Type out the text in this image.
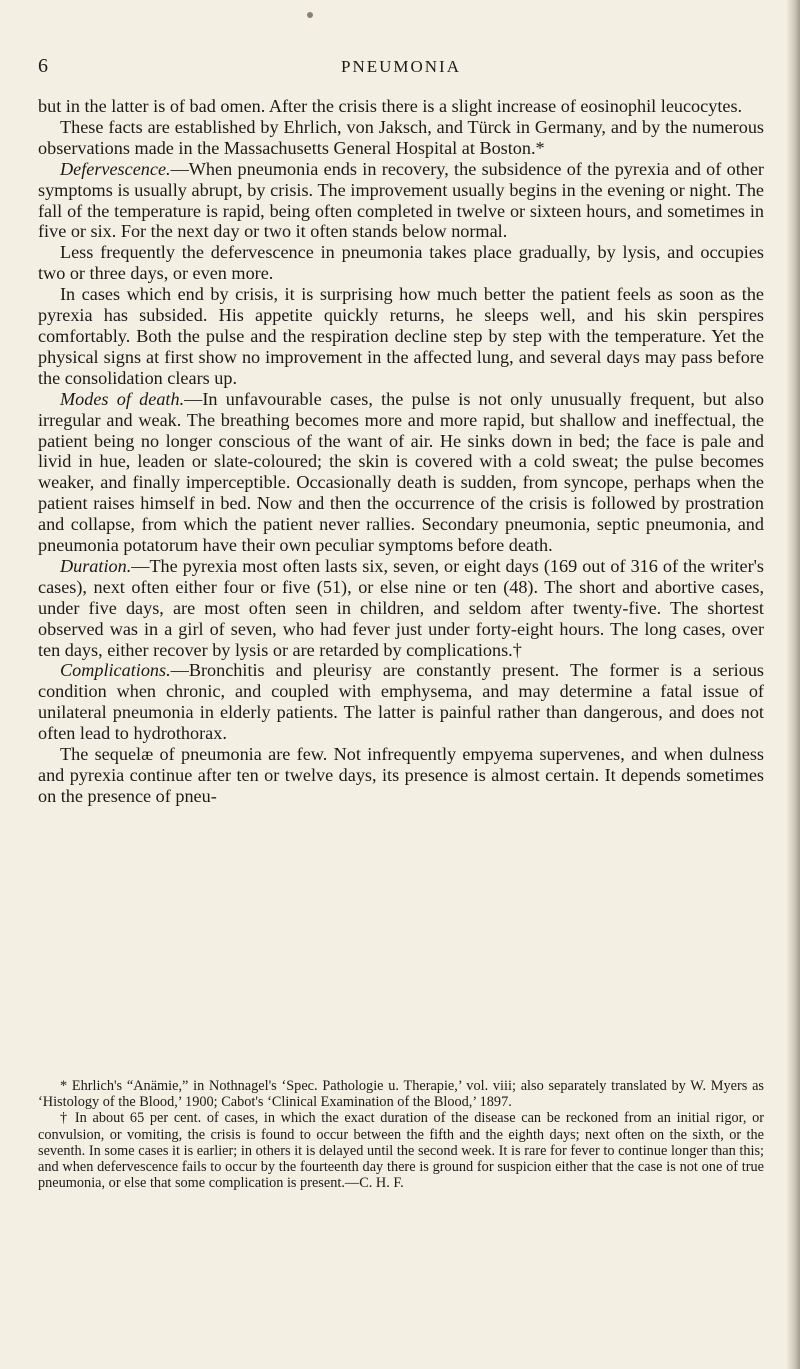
6	PNEUMONIA

but in the latter is of bad omen. After the crisis there is a slight increase of eosinophil leucocytes.

These facts are established by Ehrlich, von Jaksch, and Türck in Germany, and by the numerous observations made in the Massachusetts General Hospital at Boston.*

Defervescence.—When pneumonia ends in recovery, the subsidence of the pyrexia and of other symptoms is usually abrupt, by crisis. The improvement usually begins in the evening or night. The fall of the temperature is rapid, being often completed in twelve or sixteen hours, and sometimes in five or six. For the next day or two it often stands below normal.

Less frequently the defervescence in pneumonia takes place gradually, by lysis, and occupies two or three days, or even more.

In cases which end by crisis, it is surprising how much better the patient feels as soon as the pyrexia has subsided. His appetite quickly returns, he sleeps well, and his skin perspires comfortably. Both the pulse and the respiration decline step by step with the temperature. Yet the physical signs at first show no improvement in the affected lung, and several days may pass before the consolidation clears up.

Modes of death.—In unfavourable cases, the pulse is not only unusually frequent, but also irregular and weak. The breathing becomes more and more rapid, but shallow and ineffectual, the patient being no longer conscious of the want of air. He sinks down in bed; the face is pale and livid in hue, leaden or slate-coloured; the skin is covered with a cold sweat; the pulse becomes weaker, and finally imperceptible. Occasionally death is sudden, from syncope, perhaps when the patient raises himself in bed. Now and then the occurrence of the crisis is followed by prostration and collapse, from which the patient never rallies. Secondary pneumonia, septic pneumonia, and pneumonia potatorum have their own peculiar symptoms before death.

Duration.—The pyrexia most often lasts six, seven, or eight days (169 out of 316 of the writer's cases), next often either four or five (51), or else nine or ten (48). The short and abortive cases, under five days, are most often seen in children, and seldom after twenty-five. The shortest observed was in a girl of seven, who had fever just under forty-eight hours. The long cases, over ten days, either recover by lysis or are retarded by complications.†

Complications.—Bronchitis and pleurisy are constantly present. The former is a serious condition when chronic, and coupled with emphysema, and may determine a fatal issue of unilateral pneumonia in elderly patients. The latter is painful rather than dangerous, and does not often lead to hydrothorax.

The sequelæ of pneumonia are few. Not infrequently empyema supervenes, and when dulness and pyrexia continue after ten or twelve days, its presence is almost certain. It depends sometimes on the presence of pneu-

* Ehrlich's “Anämie,” in Nothnagel's ‘Spec. Pathologie u. Therapie,’ vol. viii; also separately translated by W. Myers as ‘Histology of the Blood,’ 1900; Cabot's ‘Clinical Examination of the Blood,’ 1897.

† In about 65 per cent. of cases, in which the exact duration of the disease can be reckoned from an initial rigor, or convulsion, or vomiting, the crisis is found to occur between the fifth and the eighth days; next often on the sixth, or the seventh. In some cases it is earlier; in others it is delayed until the second week. It is rare for fever to continue longer than this; and when defervescence fails to occur by the fourteenth day there is ground for suspicion either that the case is not one of true pneumonia, or else that some complication is present.—C. H. F.
